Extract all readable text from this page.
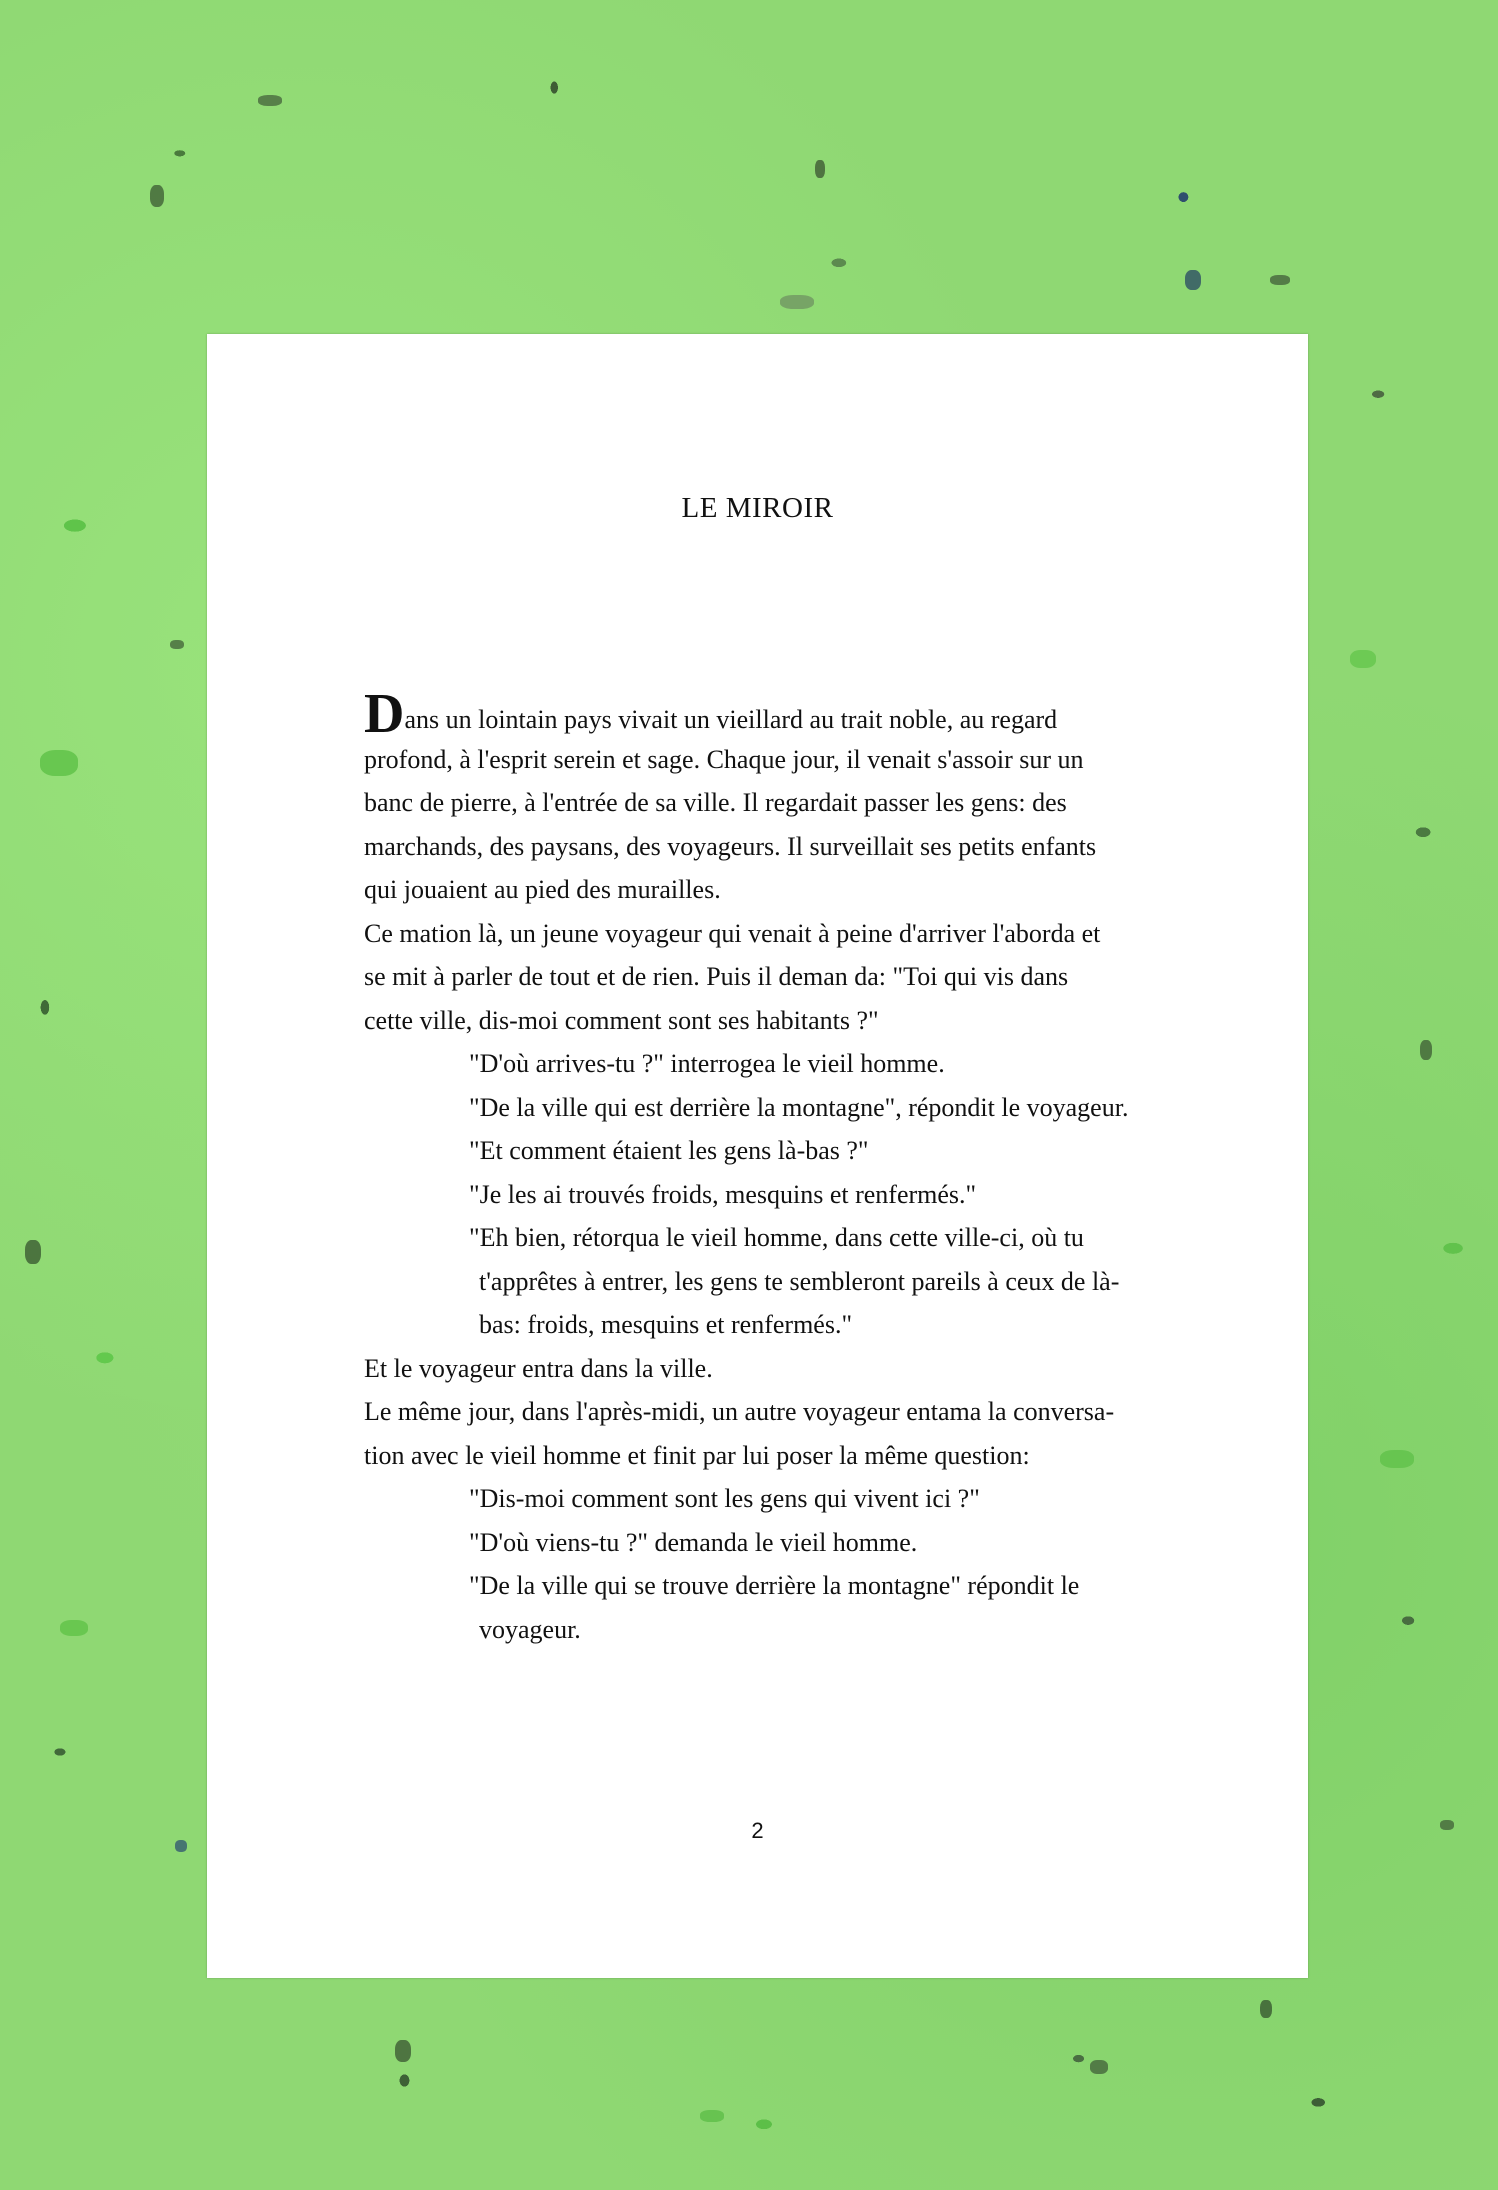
LE MIROIR
Dans un lointain pays vivait un vieillard au trait noble, au regard
profond, à l'esprit serein et sage. Chaque jour, il venait s'assoir sur un
banc de pierre, à l'entrée de sa ville. Il regardait passer les gens: des
marchands, des paysans, des voyageurs. Il surveillait ses petits enfants
qui jouaient au pied des murailles.
Ce mation là, un jeune voyageur qui venait à peine d'arriver l'aborda et
se mit à parler de tout et de rien. Puis il deman da: "Toi qui vis dans
cette ville, dis-moi comment sont ses habitants ?"
"D'où arrives-tu ?" interrogea le vieil homme.
"De la ville qui est derrière la montagne", répondit le voyageur.
"Et comment étaient les gens là-bas ?"
"Je les ai trouvés froids, mesquins et renfermés."
"Eh bien, rétorqua le vieil homme, dans cette ville-ci, où tu
t'apprêtes à entrer, les gens te sembleront pareils à ceux de là-
bas: froids, mesquins et renfermés."
Et le voyageur entra dans la ville.
Le même jour, dans l'après-midi, un autre voyageur entama la conversa-
tion avec le vieil homme et finit par lui poser la même question:
"Dis-moi comment sont les gens qui vivent ici ?"
"D'où viens-tu ?" demanda le vieil homme.
"De la ville qui se trouve derrière la montagne" répondit le
voyageur.
2
